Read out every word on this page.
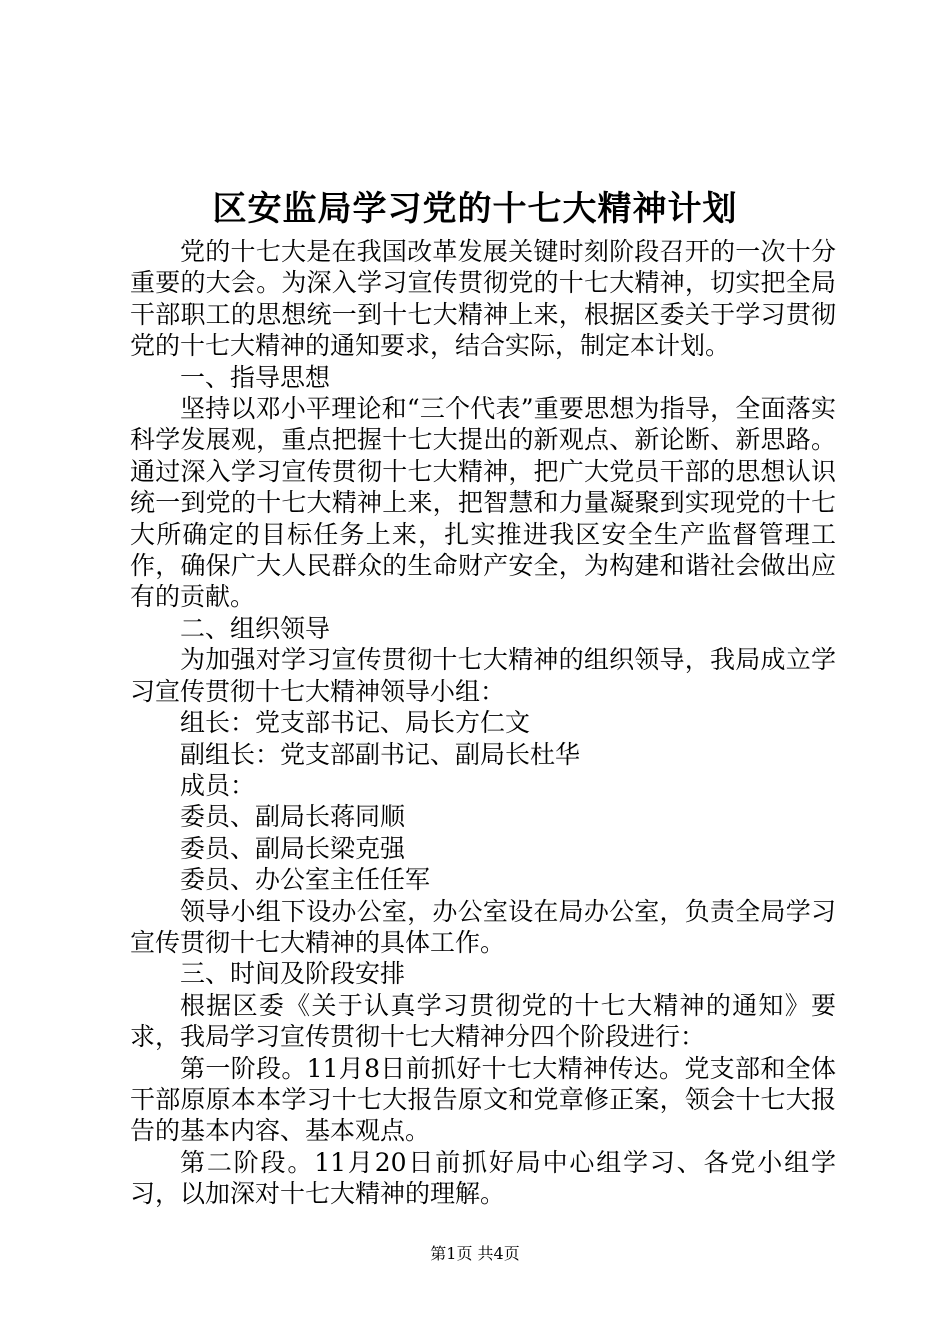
区安监局学习党的十七大精神计划

党的十七大是在我国改革发展关键时刻阶段召开的一次十分重要的大会。为深入学习宣传贯彻党的十七大精神，切实把全局干部职工的思想统一到十七大精神上来，根据区委关于学习贯彻党的十七大精神的通知要求，结合实际，制定本计划。

一、指导思想

坚持以邓小平理论和“三个代表”重要思想为指导，全面落实科学发展观，重点把握十七大提出的新观点、新论断、新思路。通过深入学习宣传贯彻十七大精神，把广大党员干部的思想认识统一到党的十七大精神上来，把智慧和力量凝聚到实现党的十七大所确定的目标任务上来，扎实推进我区安全生产监督管理工作，确保广大人民群众的生命财产安全，为构建和谐社会做出应有的贡献。

二、组织领导

为加强对学习宣传贯彻十七大精神的组织领导，我局成立学习宣传贯彻十七大精神领导小组：

组长：党支部书记、局长方仁文

副组长：党支部副书记、副局长杜华

成员：

委员、副局长蒋同顺

委员、副局长梁克强

委员、办公室主任任军

领导小组下设办公室，办公室设在局办公室，负责全局学习宣传贯彻十七大精神的具体工作。

三、时间及阶段安排

根据区委《关于认真学习贯彻党的十七大精神的通知》要求，我局学习宣传贯彻十七大精神分四个阶段进行：

第一阶段。11月8日前抓好十七大精神传达。党支部和全体干部原原本本学习十七大报告原文和党章修正案，领会十七大报告的基本内容、基本观点。

第二阶段。11月20日前抓好局中心组学习、各党小组学习，以加深对十七大精神的理解。

第1页 共4页
